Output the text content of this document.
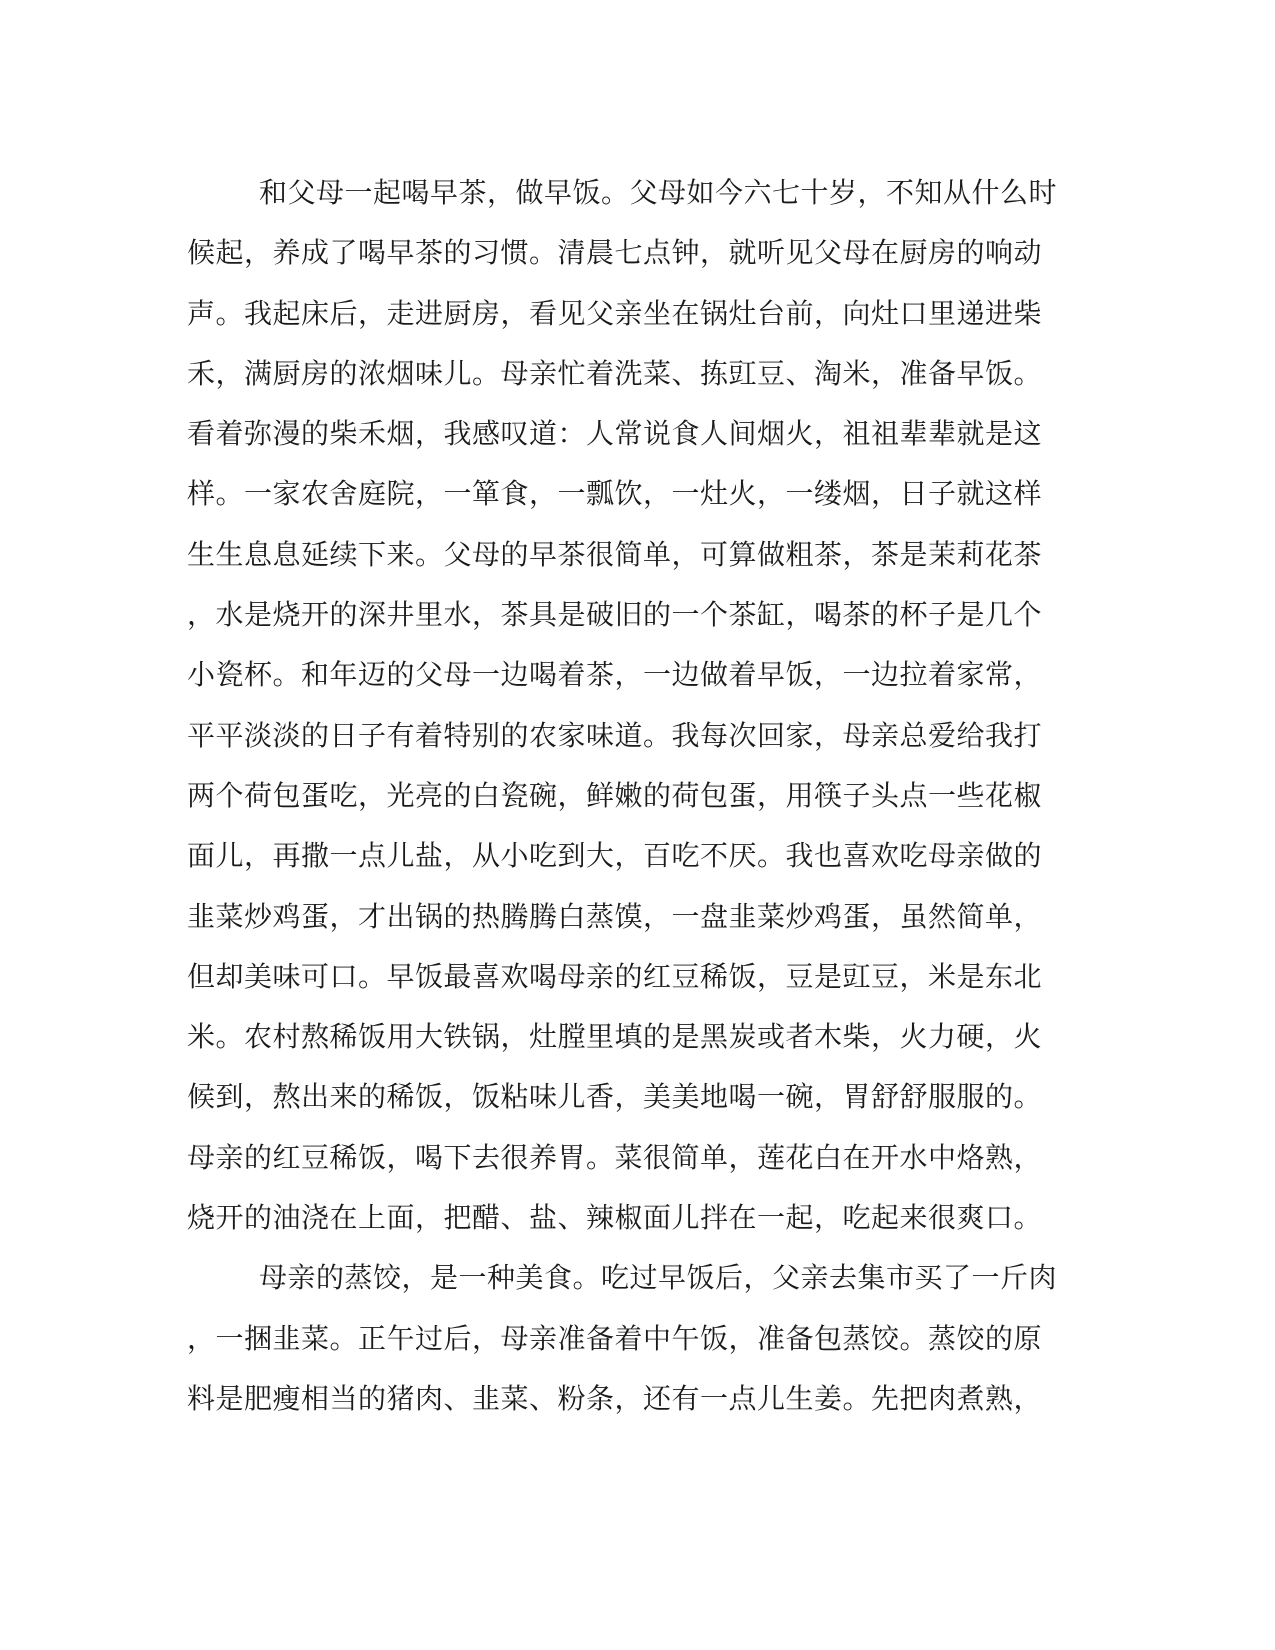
和父母一起喝早茶，做早饭。父母如今六七十岁，不知从什么时
候起，养成了喝早茶的习惯。清晨七点钟，就听见父母在厨房的响动
声。我起床后，走进厨房，看见父亲坐在锅灶台前，向灶口里递进柴
禾，满厨房的浓烟味儿。母亲忙着洗菜、拣豇豆、淘米，准备早饭。
看着弥漫的柴禾烟，我感叹道：人常说食人间烟火，祖祖辈辈就是这
样。一家农舍庭院，一箪食，一瓢饮，一灶火，一缕烟，日子就这样
生生息息延续下来。父母的早茶很简单，可算做粗茶，茶是茉莉花茶
，水是烧开的深井里水，茶具是破旧的一个茶缸，喝茶的杯子是几个
小瓷杯。和年迈的父母一边喝着茶，一边做着早饭，一边拉着家常，
平平淡淡的日子有着特别的农家味道。我每次回家，母亲总爱给我打
两个荷包蛋吃，光亮的白瓷碗，鲜嫩的荷包蛋，用筷子头点一些花椒
面儿，再撒一点儿盐，从小吃到大，百吃不厌。我也喜欢吃母亲做的
韭菜炒鸡蛋，才出锅的热腾腾白蒸馍，一盘韭菜炒鸡蛋，虽然简单，
但却美味可口。早饭最喜欢喝母亲的红豆稀饭，豆是豇豆，米是东北
米。农村熬稀饭用大铁锅，灶膛里填的是黑炭或者木柴，火力硬，火
候到，熬出来的稀饭，饭粘味儿香，美美地喝一碗，胃舒舒服服的。
母亲的红豆稀饭，喝下去很养胃。菜很简单，莲花白在开水中烙熟，
烧开的油浇在上面，把醋、盐、辣椒面儿拌在一起，吃起来很爽口。
母亲的蒸饺，是一种美食。吃过早饭后，父亲去集市买了一斤肉
，一捆韭菜。正午过后，母亲准备着中午饭，准备包蒸饺。蒸饺的原
料是肥瘦相当的猪肉、韭菜、粉条，还有一点儿生姜。先把肉煮熟，
